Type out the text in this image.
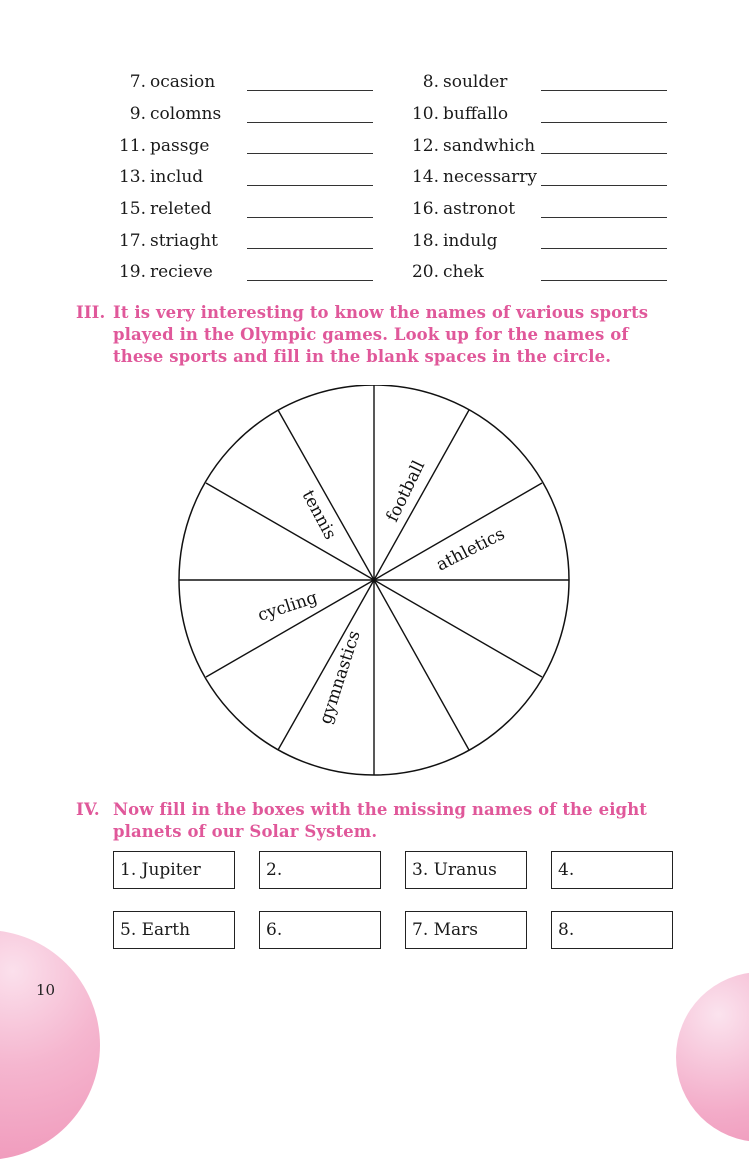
7. ocasion	8. soulder
9. colomns	10. buffallo
11. passge	12. sandwhich
13. includ	14. necessarry
15. releted	16. astronot
17. striaght	18. indulg
19. recieve	20. chek
III. It is very interesting to know the names of various sports played in the Olympic games. Look up for the names of these sports and fill in the blank spaces in the circle.
football
athletics
cycling
gymnastics
tennis
IV. Now fill in the boxes with the missing names of the eight planets of our Solar System.
1. Jupiter	2.	3. Uranus	4.
5. Earth	6.	7. Mars	8.
10
